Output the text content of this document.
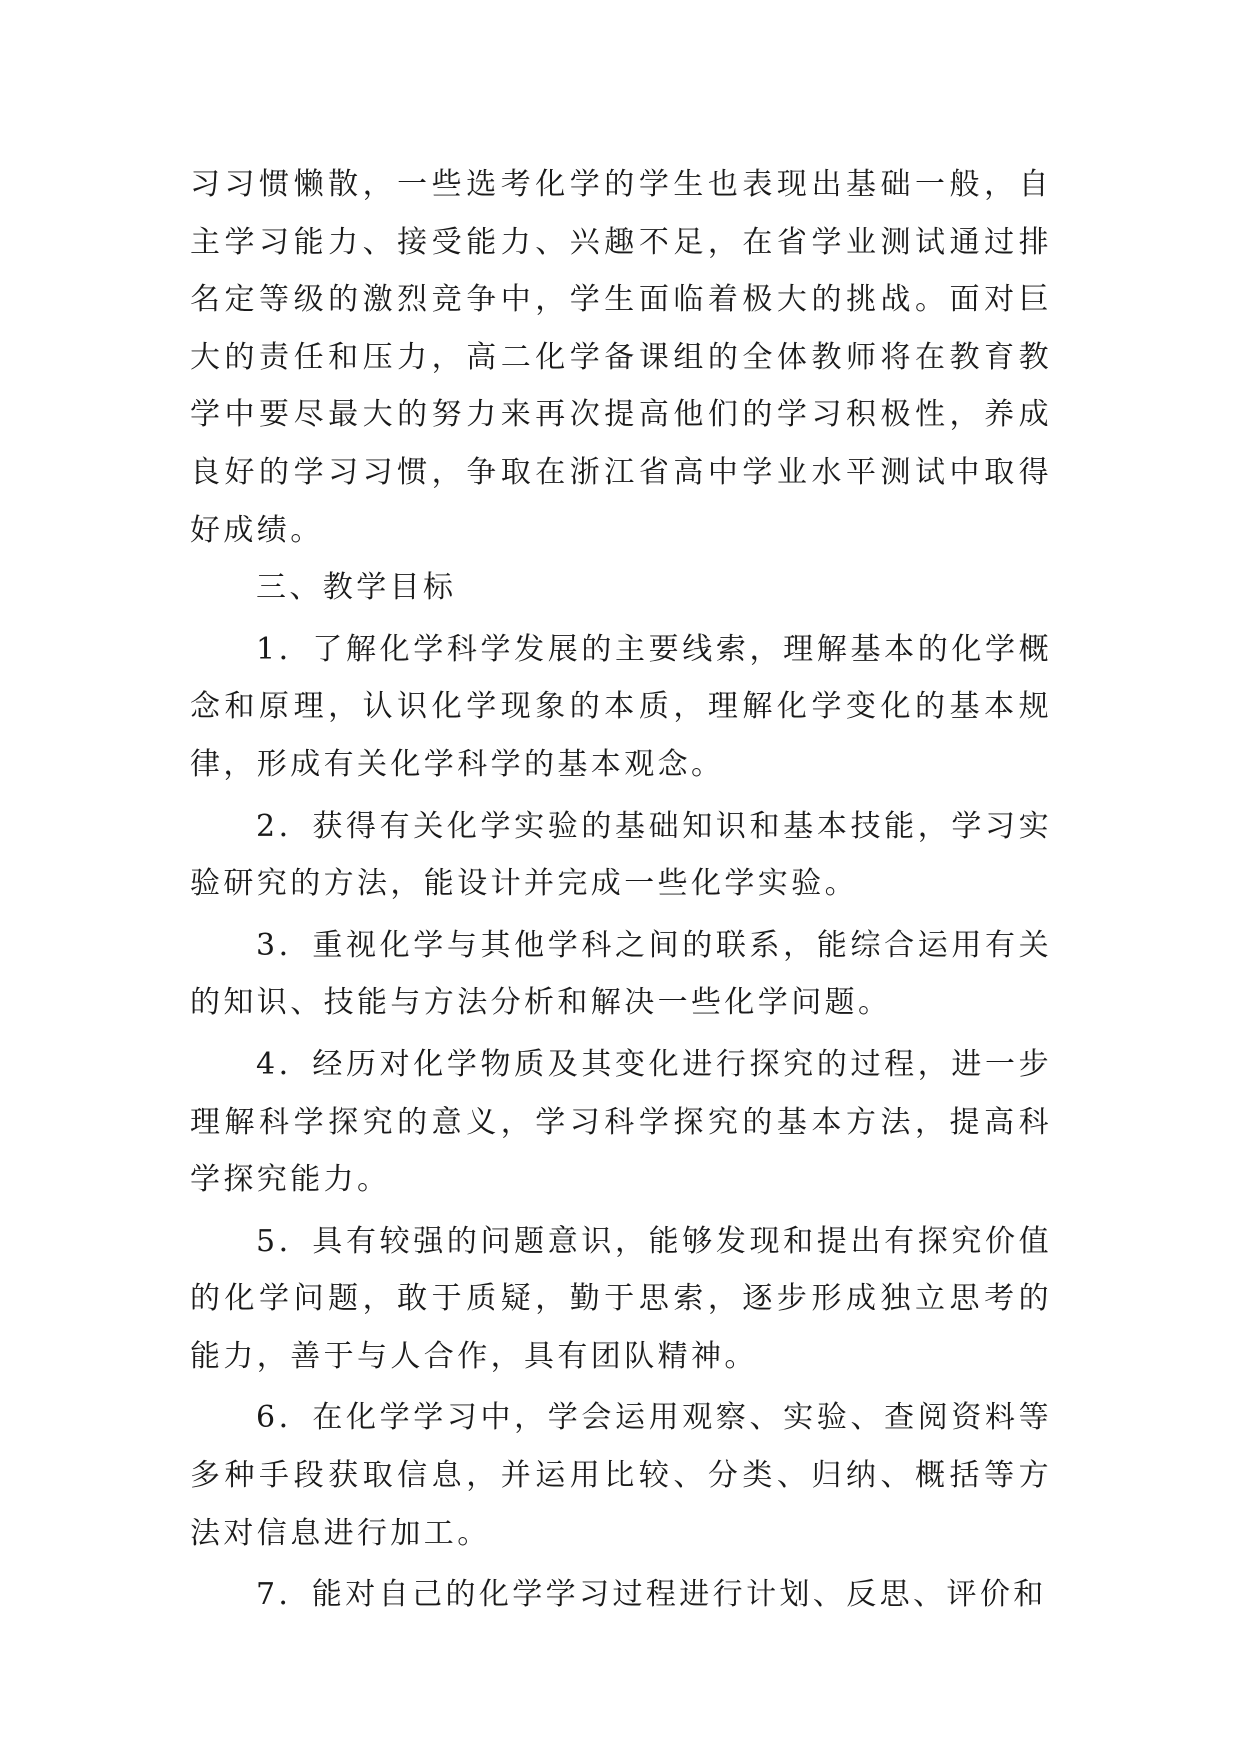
习习惯懒散，一些选考化学的学生也表现出基础一般，自主学习能力、接受能力、兴趣不足，在省学业测试通过排名定等级的激烈竞争中，学生面临着极大的挑战。面对巨大的责任和压力，高二化学备课组的全体教师将在教育教学中要尽最大的努力来再次提高他们的学习积极性，养成良好的学习习惯，争取在浙江省高中学业水平测试中取得好成绩。

三、教学目标

1．了解化学科学发展的主要线索，理解基本的化学概念和原理，认识化学现象的本质，理解化学变化的基本规律，形成有关化学科学的基本观念。

2．获得有关化学实验的基础知识和基本技能，学习实验研究的方法，能设计并完成一些化学实验。

3．重视化学与其他学科之间的联系，能综合运用有关的知识、技能与方法分析和解决一些化学问题。

4．经历对化学物质及其变化进行探究的过程，进一步理解科学探究的意义，学习科学探究的基本方法，提高科学探究能力。

5．具有较强的问题意识，能够发现和提出有探究价值的化学问题，敢于质疑，勤于思索，逐步形成独立思考的能力，善于与人合作，具有团队精神。

6．在化学学习中，学会运用观察、实验、查阅资料等多种手段获取信息，并运用比较、分类、归纳、概括等方法对信息进行加工。

7．能对自己的化学学习过程进行计划、反思、评价和
